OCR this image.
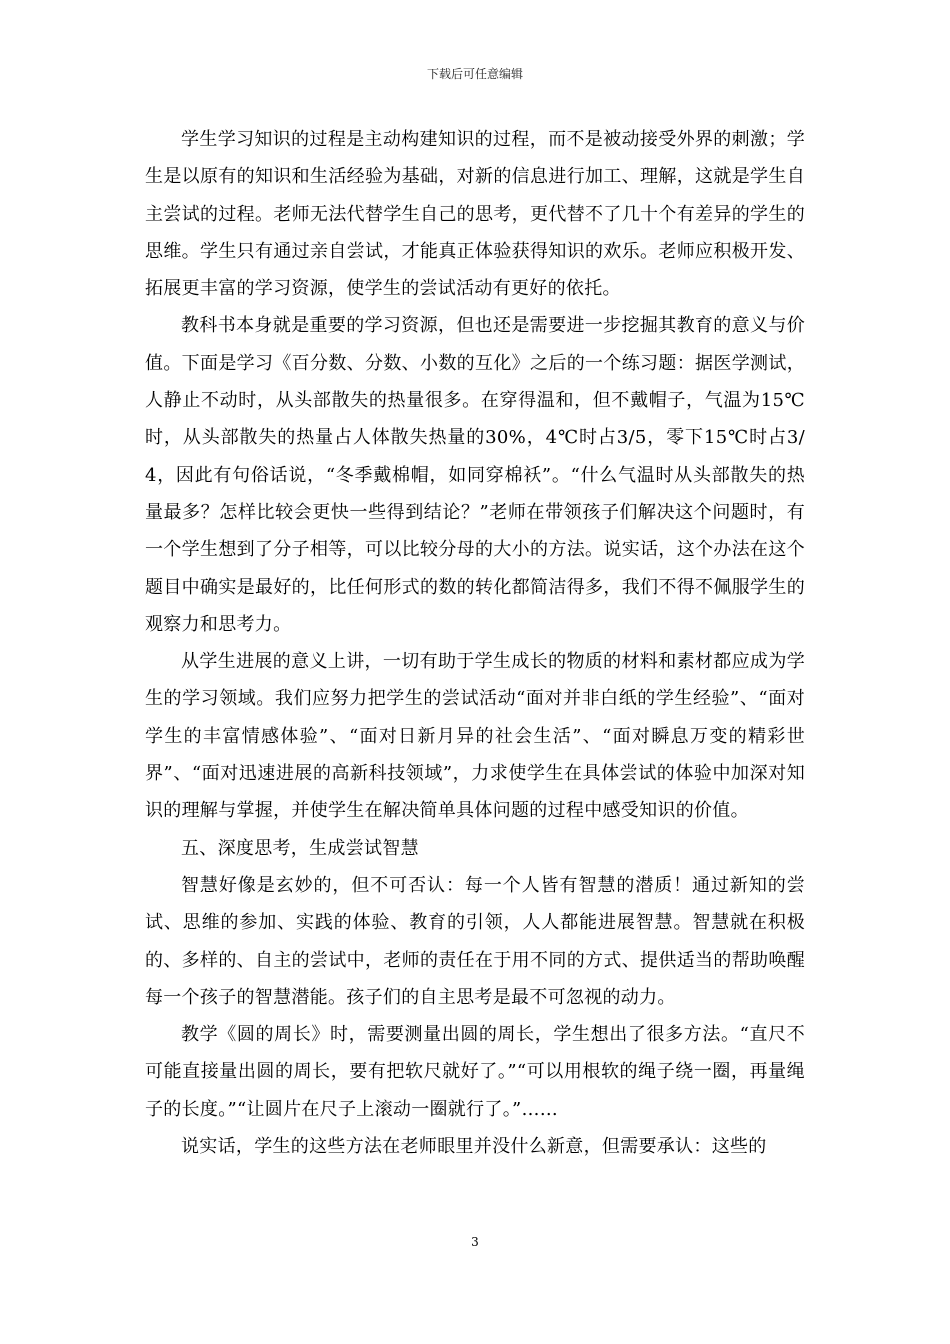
下载后可任意编辑

学生学习知识的过程是主动构建知识的过程，而不是被动接受外界的刺激；学生是以原有的知识和生活经验为基础，对新的信息进行加工、理解，这就是学生自主尝试的过程。老师无法代替学生自己的思考，更代替不了几十个有差异的学生的思维。学生只有通过亲自尝试，才能真正体验获得知识的欢乐。老师应积极开发、拓展更丰富的学习资源，使学生的尝试活动有更好的依托。

教科书本身就是重要的学习资源，但也还是需要进一步挖掘其教育的意义与价值。下面是学习《百分数、分数、小数的互化》之后的一个练习题：据医学测试，人静止不动时，从头部散失的热量很多。在穿得温和，但不戴帽子，气温为15℃时，从头部散失的热量占人体散失热量的30%，4℃时占3/5，零下15℃时占3/4，因此有句俗话说，“冬季戴棉帽，如同穿棉袄”。“什么气温时从头部散失的热量最多？怎样比较会更快一些得到结论？”老师在带领孩子们解决这个问题时，有一个学生想到了分子相等，可以比较分母的大小的方法。说实话，这个办法在这个题目中确实是最好的，比任何形式的数的转化都简洁得多，我们不得不佩服学生的观察力和思考力。

从学生进展的意义上讲，一切有助于学生成长的物质的材料和素材都应成为学生的学习领域。我们应努力把学生的尝试活动“面对并非白纸的学生经验”、“面对学生的丰富情感体验”、“面对日新月异的社会生活”、“面对瞬息万变的精彩世界”、“面对迅速进展的高新科技领域”，力求使学生在具体尝试的体验中加深对知识的理解与掌握，并使学生在解决简单具体问题的过程中感受知识的价值。

五、深度思考，生成尝试智慧

智慧好像是玄妙的，但不可否认：每一个人皆有智慧的潜质！通过新知的尝试、思维的参加、实践的体验、教育的引领，人人都能进展智慧。智慧就在积极的、多样的、自主的尝试中，老师的责任在于用不同的方式、提供适当的帮助唤醒每一个孩子的智慧潜能。孩子们的自主思考是最不可忽视的动力。

教学《圆的周长》时，需要测量出圆的周长，学生想出了很多方法。“直尺不可能直接量出圆的周长，要有把软尺就好了。”“可以用根软的绳子绕一圈，再量绳子的长度。”“让圆片在尺子上滚动一圈就行了。”……

说实话，学生的这些方法在老师眼里并没什么新意，但需要承认：这些的

3
